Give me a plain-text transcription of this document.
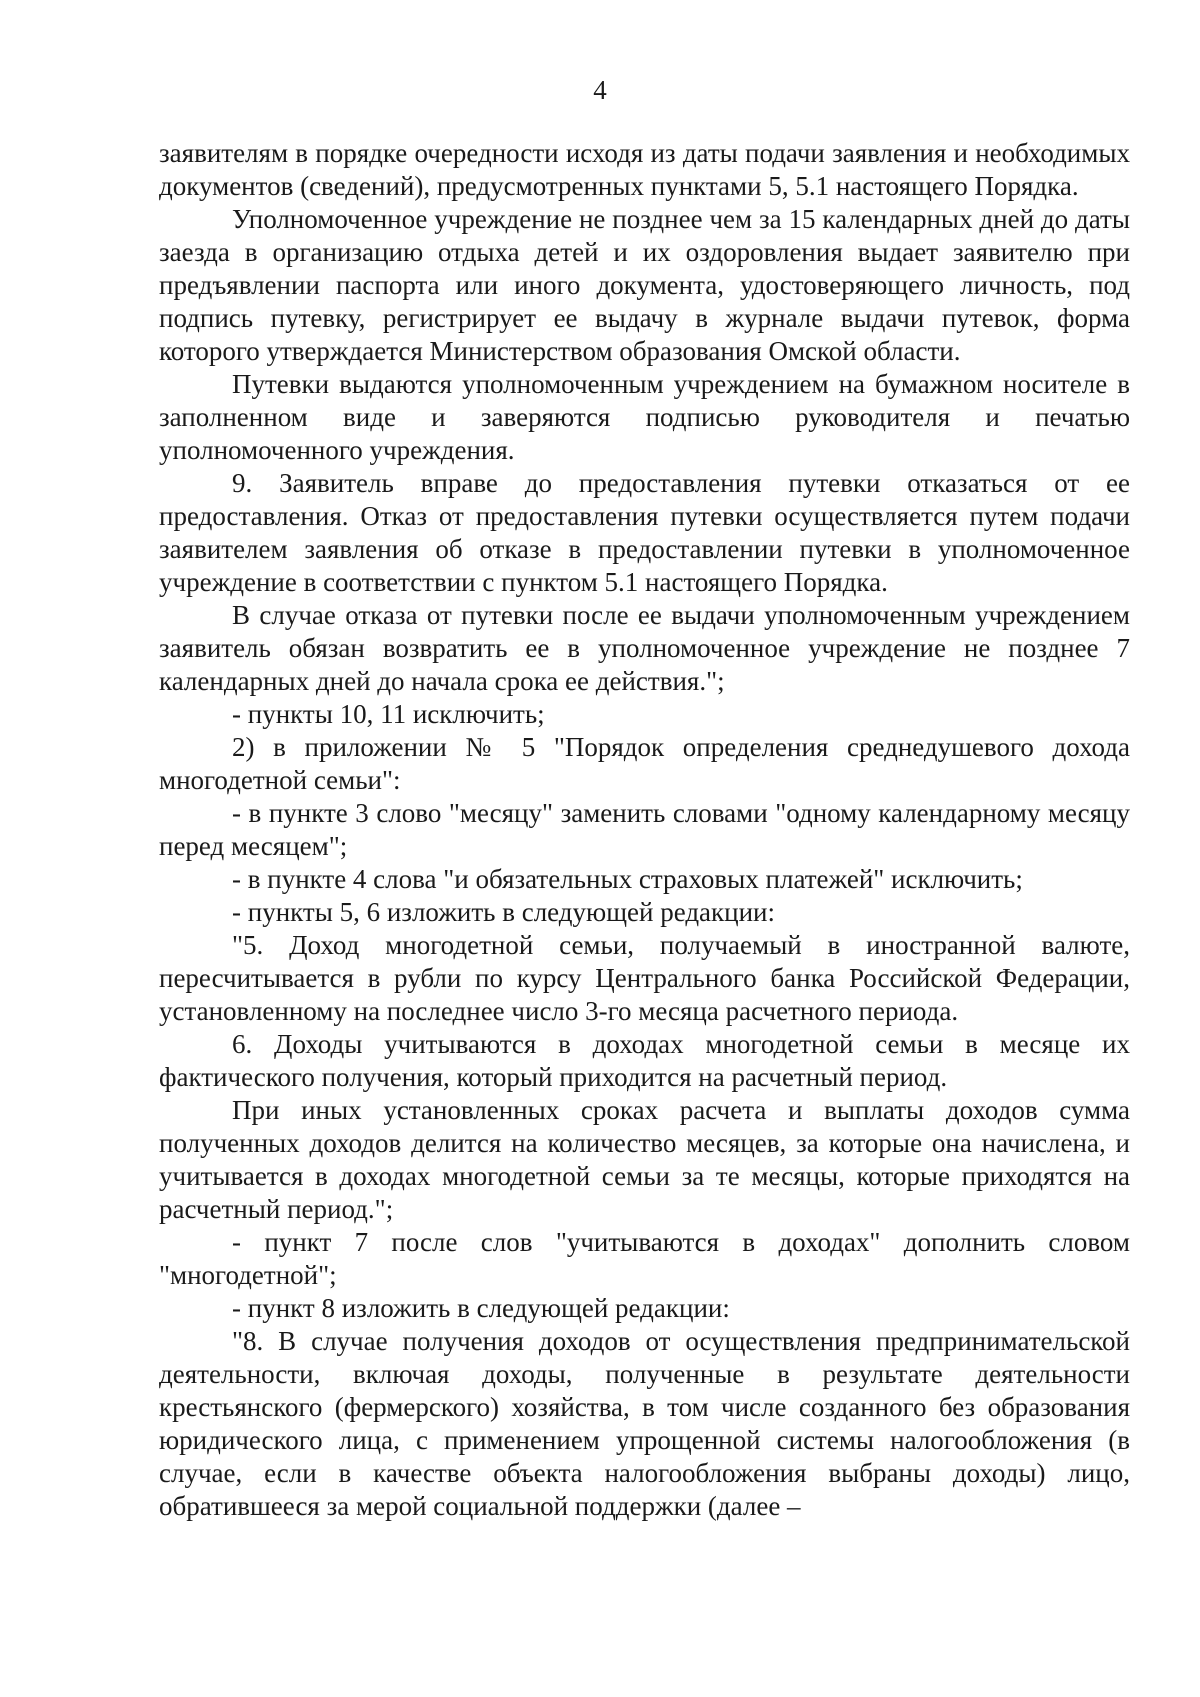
4

заявителям в порядке очередности исходя из даты подачи заявления и необходимых документов (сведений), предусмотренных пунктами 5, 5.1 настоящего Порядка.

Уполномоченное учреждение не позднее чем за 15 календарных дней до даты заезда в организацию отдыха детей и их оздоровления выдает заявителю при предъявлении паспорта или иного документа, удостоверяющего личность, под подпись путевку, регистрирует ее выдачу в журнале выдачи путевок, форма которого утверждается Министерством образования Омской области.

Путевки выдаются уполномоченным учреждением на бумажном носителе в заполненном виде и заверяются подписью руководителя и печатью уполномоченного учреждения.

9. Заявитель вправе до предоставления путевки отказаться от ее предоставления. Отказ от предоставления путевки осуществляется путем подачи заявителем заявления об отказе в предоставлении путевки в уполномоченное учреждение в соответствии с пунктом 5.1 настоящего Порядка.

В случае отказа от путевки после ее выдачи уполномоченным учреждением заявитель обязан возвратить ее в уполномоченное учреждение не позднее 7 календарных дней до начала срока ее действия.";

- пункты 10, 11 исключить;

2) в приложении № 5 "Порядок определения среднедушевого дохода многодетной семьи":

- в пункте 3 слово "месяцу" заменить словами "одному календарному месяцу перед месяцем";

- в пункте 4 слова "и обязательных страховых платежей" исключить;

- пункты 5, 6 изложить в следующей редакции:

"5. Доход многодетной семьи, получаемый в иностранной валюте, пересчитывается в рубли по курсу Центрального банка Российской Федерации, установленному на последнее число 3-го месяца расчетного периода.

6. Доходы учитываются в доходах многодетной семьи в месяце их фактического получения, который приходится на расчетный период.

При иных установленных сроках расчета и выплаты доходов сумма полученных доходов делится на количество месяцев, за которые она начислена, и учитывается в доходах многодетной семьи за те месяцы, которые приходятся на расчетный период.";

- пункт 7 после слов "учитываются в доходах" дополнить словом "многодетной";

- пункт 8 изложить в следующей редакции:

"8. В случае получения доходов от осуществления предпринимательской деятельности, включая доходы, полученные в результате деятельности крестьянского (фермерского) хозяйства, в том числе созданного без образования юридического лица, с применением упрощенной системы налогообложения (в случае, если в качестве объекта налогообложения выбраны доходы) лицо, обратившееся за мерой социальной поддержки (далее –
